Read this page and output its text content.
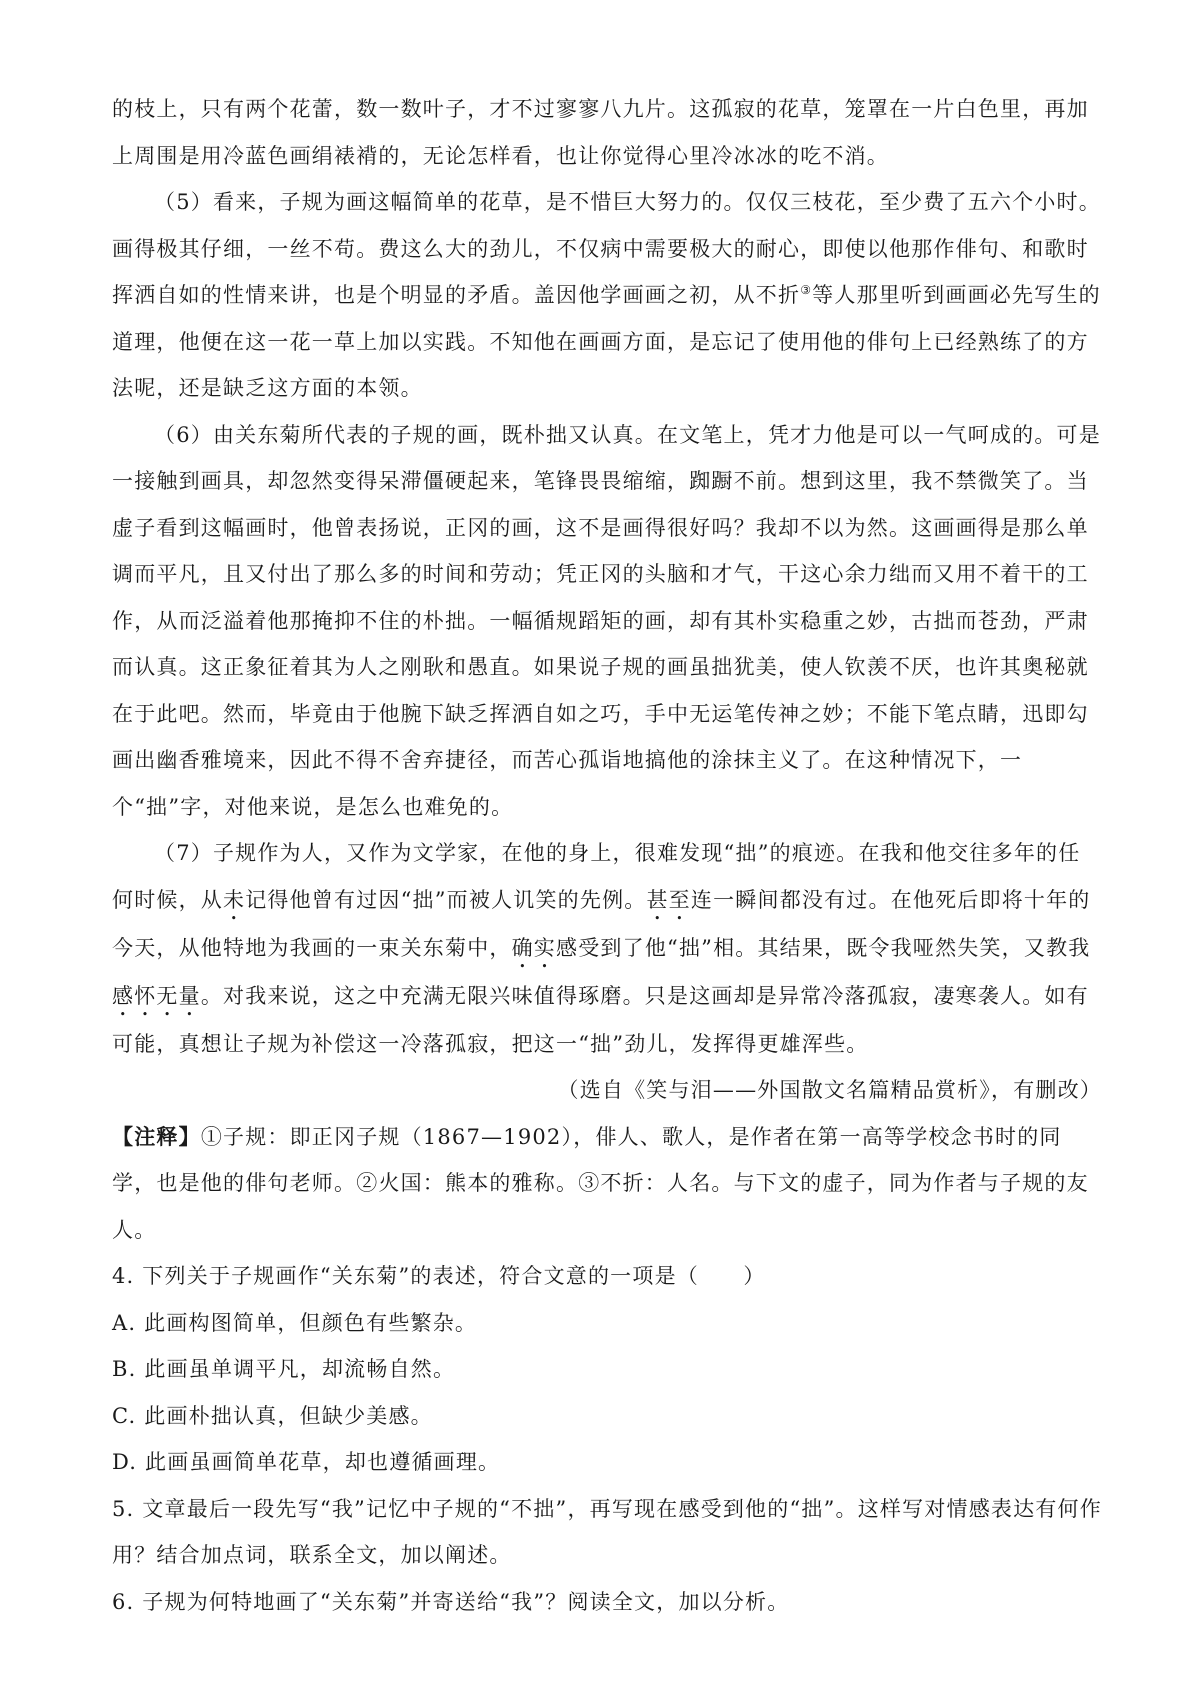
的枝上，只有两个花蕾，数一数叶子，才不过寥寥八九片。这孤寂的花草，笼罩在一片白色里，再加上周围是用冷蓝色画绢裱褙的，无论怎样看，也让你觉得心里冷冰冰的吃不消。

（5）看来，子规为画这幅简单的花草，是不惜巨大努力的。仅仅三枝花，至少费了五六个小时。画得极其仔细，一丝不苟。费这么大的劲儿，不仅病中需要极大的耐心，即使以他那作俳句、和歌时挥洒自如的性情来讲，也是个明显的矛盾。盖因他学画画之初，从不折③等人那里听到画画必先写生的道理，他便在这一花一草上加以实践。不知他在画画方面，是忘记了使用他的俳句上已经熟练了的方法呢，还是缺乏这方面的本领。

（6）由关东菊所代表的子规的画，既朴拙又认真。在文笔上，凭才力他是可以一气呵成的。可是一接触到画具，却忽然变得呆滞僵硬起来，笔锋畏畏缩缩，踟蹰不前。想到这里，我不禁微笑了。当虚子看到这幅画时，他曾表扬说，正冈的画，这不是画得很好吗？我却不以为然。这画画得是那么单调而平凡，且又付出了那么多的时间和劳动；凭正冈的头脑和才气，干这心余力绌而又用不着干的工作，从而泛溢着他那掩抑不住的朴拙。一幅循规蹈矩的画，却有其朴实稳重之妙，古拙而苍劲，严肃而认真。这正象征着其为人之刚耿和愚直。如果说子规的画虽拙犹美，使人钦羡不厌，也许其奥秘就在于此吧。然而，毕竟由于他腕下缺乏挥洒自如之巧，手中无运笔传神之妙；不能下笔点睛，迅即勾画出幽香雅境来，因此不得不舍弃捷径，而苦心孤诣地搞他的涂抹主义了。在这种情况下，一个“拙”字，对他来说，是怎么也难免的。

（7）子规作为人，又作为文学家，在他的身上，很难发现“拙”的痕迹。在我和他交往多年的任何时候，从未记得他曾有过因“拙”而被人讥笑的先例。甚至连一瞬间都没有过。在他死后即将十年的今天，从他特地为我画的一束关东菊中，确实感受到了他“拙”相。其结果，既令我哑然失笑，又教我感怀无量。对我来说，这之中充满无限兴味值得琢磨。只是这画却是异常冷落孤寂，凄寒袭人。如有可能，真想让子规为补偿这一冷落孤寂，把这一“拙”劲儿，发挥得更雄浑些。

（选自《笑与泪——外国散文名篇精品赏析》，有删改）

【注释】①子规：即正冈子规（1867—1902），俳人、歌人，是作者在第一高等学校念书时的同学，也是他的俳句老师。②火国：熊本的雅称。③不折：人名。与下文的虚子，同为作者与子规的友人。

4. 下列关于子规画作“关东菊”的表述，符合文意的一项是（　　）

A. 此画构图简单，但颜色有些繁杂。

B. 此画虽单调平凡，却流畅自然。

C. 此画朴拙认真，但缺少美感。

D. 此画虽画简单花草，却也遵循画理。

5. 文章最后一段先写“我”记忆中子规的“不拙”，再写现在感受到他的“拙”。这样写对情感表达有何作用？结合加点词，联系全文，加以阐述。

6. 子规为何特地画了“关东菊”并寄送给“我”？阅读全文，加以分析。
